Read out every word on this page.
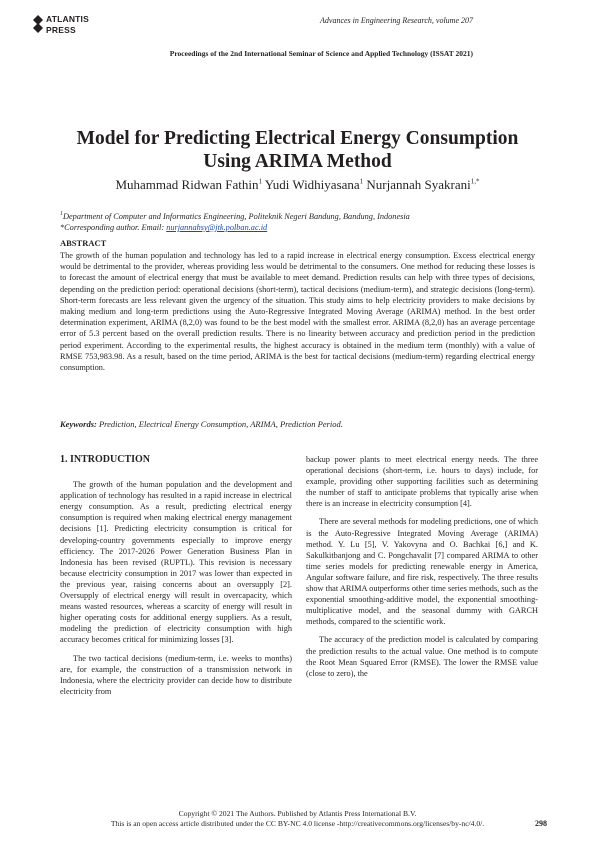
ATLANTIS
PRESS
Advances in Engineering Research, volume 207
Proceedings of the 2nd International Seminar of Science and Applied Technology (ISSAT 2021)
Model for Predicting Electrical Energy Consumption
Using ARIMA Method
Muhammad Ridwan Fathin$^1$ Yudi Widhiyasana$^1$ Nurjannah Syakrani$^{1,*}$
$^1$Department of Computer and Informatics Engineering, Politeknik Negeri Bandung, Bandung, Indonesia
*Corresponding author. Email: nurjannahsy@jtk.polban.ac.id
ABSTRACT
The growth of the human population and technology has led to a rapid increase in electrical energy consumption. Excess electrical energy would be detrimental to the provider, whereas providing less would be detrimental to the consumers. One method for reducing these losses is to forecast the amount of electrical energy that must be available to meet demand. Prediction results can help with three types of decisions, depending on the prediction period: operational decisions (short-term), tactical decisions (medium-term), and strategic decisions (long-term). Short-term forecasts are less relevant given the urgency of the situation. This study aims to help electricity providers to make decisions by making medium and long-term predictions using the Auto-Regressive Integrated Moving Average (ARIMA) method. In the best order determination experiment, ARIMA (8,2,0) was found to be the best model with the smallest error. ARIMA (8,2,0) has an average percentage error of 5.3 percent based on the overall prediction results. There is no linearity between accuracy and prediction period in the prediction period experiment. According to the experimental results, the highest accuracy is obtained in the medium term (monthly) with a value of RMSE 753,983.98. As a result, based on the time period, ARIMA is the best for tactical decisions (medium-term) regarding electrical energy consumption.
Keywords: Prediction, Electrical Energy Consumption, ARIMA, Prediction Period.
1. INTRODUCTION

The growth of the human population and the development and application of technology has resulted in a rapid increase in electrical energy consumption. As a result, predicting electrical energy consumption is required when making electrical energy management decisions [1]. Predicting electricity consumption is critical for developing-country governments especially to improve energy efficiency. The 2017-2026 Power Generation Business Plan in Indonesia has been revised (RUPTL). This revision is necessary because electricity consumption in 2017 was lower than expected in the previous year, raising concerns about an oversupply [2]. Oversupply of electrical energy will result in overcapacity, which means wasted resources, whereas a scarcity of energy will result in higher operating costs for additional energy suppliers. As a result, modeling the prediction of electricity consumption with high accuracy becomes critical for minimizing losses [3].

The two tactical decisions (medium-term, i.e. weeks to months) are, for example, the construction of a transmission network in Indonesia, where the electricity provider can decide how to distribute electricity from

backup power plants to meet electrical energy needs. The three operational decisions (short-term, i.e. hours to days) include, for example, providing other supporting facilities such as determining the number of staff to anticipate problems that typically arise when there is an increase in electricity consumption [4].

There are several methods for modeling predictions, one of which is the Auto-Regressive Integrated Moving Average (ARIMA) method. Y. Lu [5], V. Yakovyna and O. Bachkai [6,] and K. Sakulkitbanjong and C. Pongchavalit [7] compared ARIMA to other time series models for predicting renewable energy in America, Angular software failure, and fire risk, respectively. The three results show that ARIMA outperforms other time series methods, such as the exponential smoothing-additive model, the exponential smoothing-multiplicative model, and the seasonal dummy with GARCH methods, compared to the scientific work.

The accuracy of the prediction model is calculated by comparing the prediction results to the actual value. One method is to compute the Root Mean Squared Error (RMSE). The lower the RMSE value (close to zero), the

Copyright © 2021 The Authors. Published by Atlantis Press International B.V.
This is an open access article distributed under the CC BY-NC 4.0 license -http://creativecommons.org/licenses/by-nc/4.0/.	298
